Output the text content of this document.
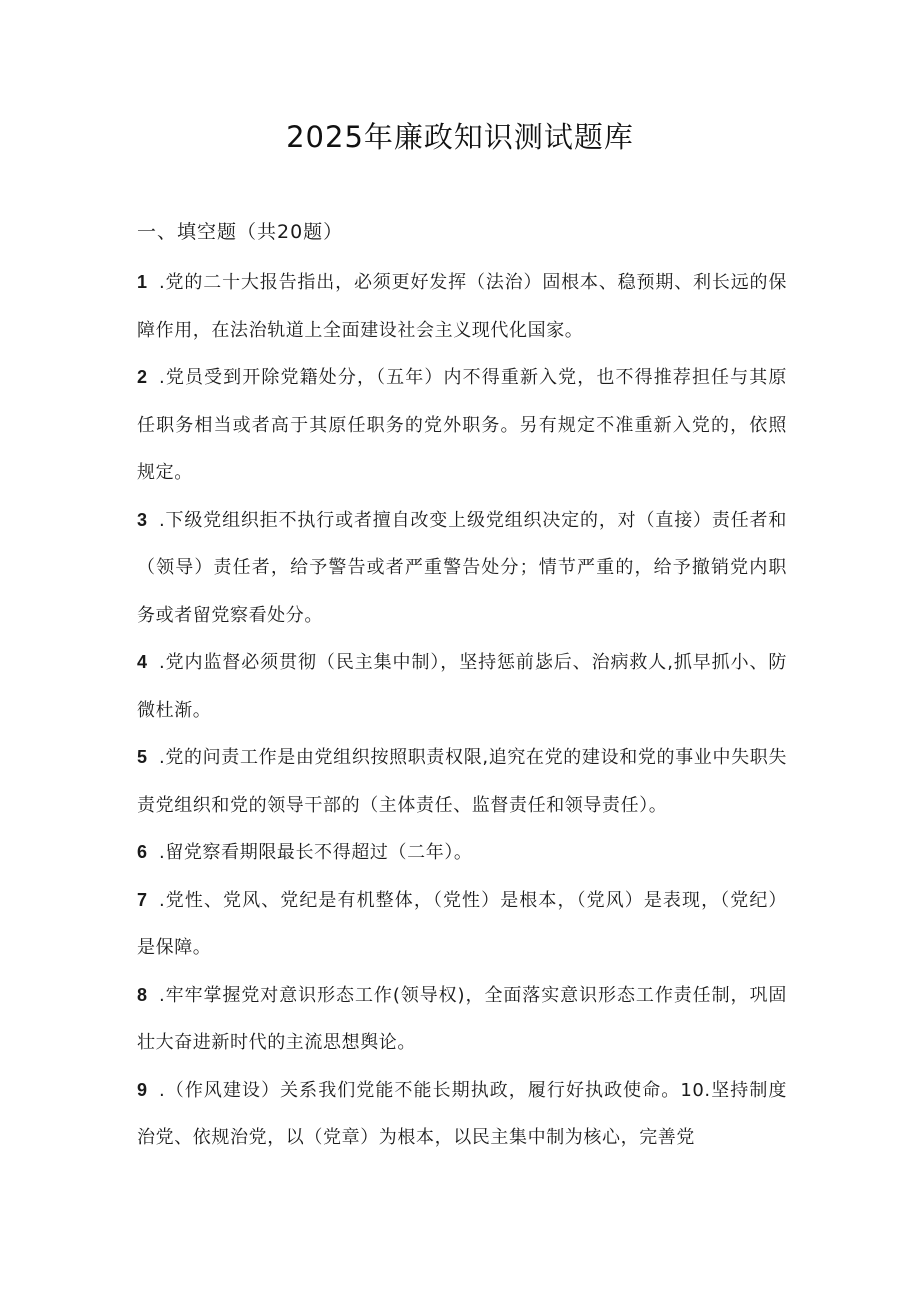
2025年廉政知识测试题库
一、填空题（共20题）

1 .党的二十大报告指出，必须更好发挥（法治）固根本、稳预期、利长远的保障作用，在法治轨道上全面建设社会主义现代化国家。

2 .党员受到开除党籍处分，（五年）内不得重新入党，也不得推荐担任与其原任职务相当或者高于其原任职务的党外职务。另有规定不准重新入党的，依照规定。

3 .下级党组织拒不执行或者擅自改变上级党组织决定的，对（直接）责任者和（领导）责任者，给予警告或者严重警告处分；情节严重的，给予撤销党内职务或者留党察看处分。

4 .党内监督必须贯彻（民主集中制），坚持惩前毖后、治病救人,抓早抓小、防微杜渐。

5 .党的问责工作是由党组织按照职责权限,追究在党的建设和党的事业中失职失责党组织和党的领导干部的（主体责任、监督责任和领导责任）。

6 .留党察看期限最长不得超过（二年）。

7 .党性、党风、党纪是有机整体，（党性）是根本，（党风）是表现，（党纪）是保障。

8 .牢牢掌握党对意识形态工作(领导权)，全面落实意识形态工作责任制，巩固壮大奋进新时代的主流思想舆论。

9 .（作风建设）关系我们党能不能长期执政，履行好执政使命。10.坚持制度治党、依规治党，以（党章）为根本，以民主集中制为核心，完善党
